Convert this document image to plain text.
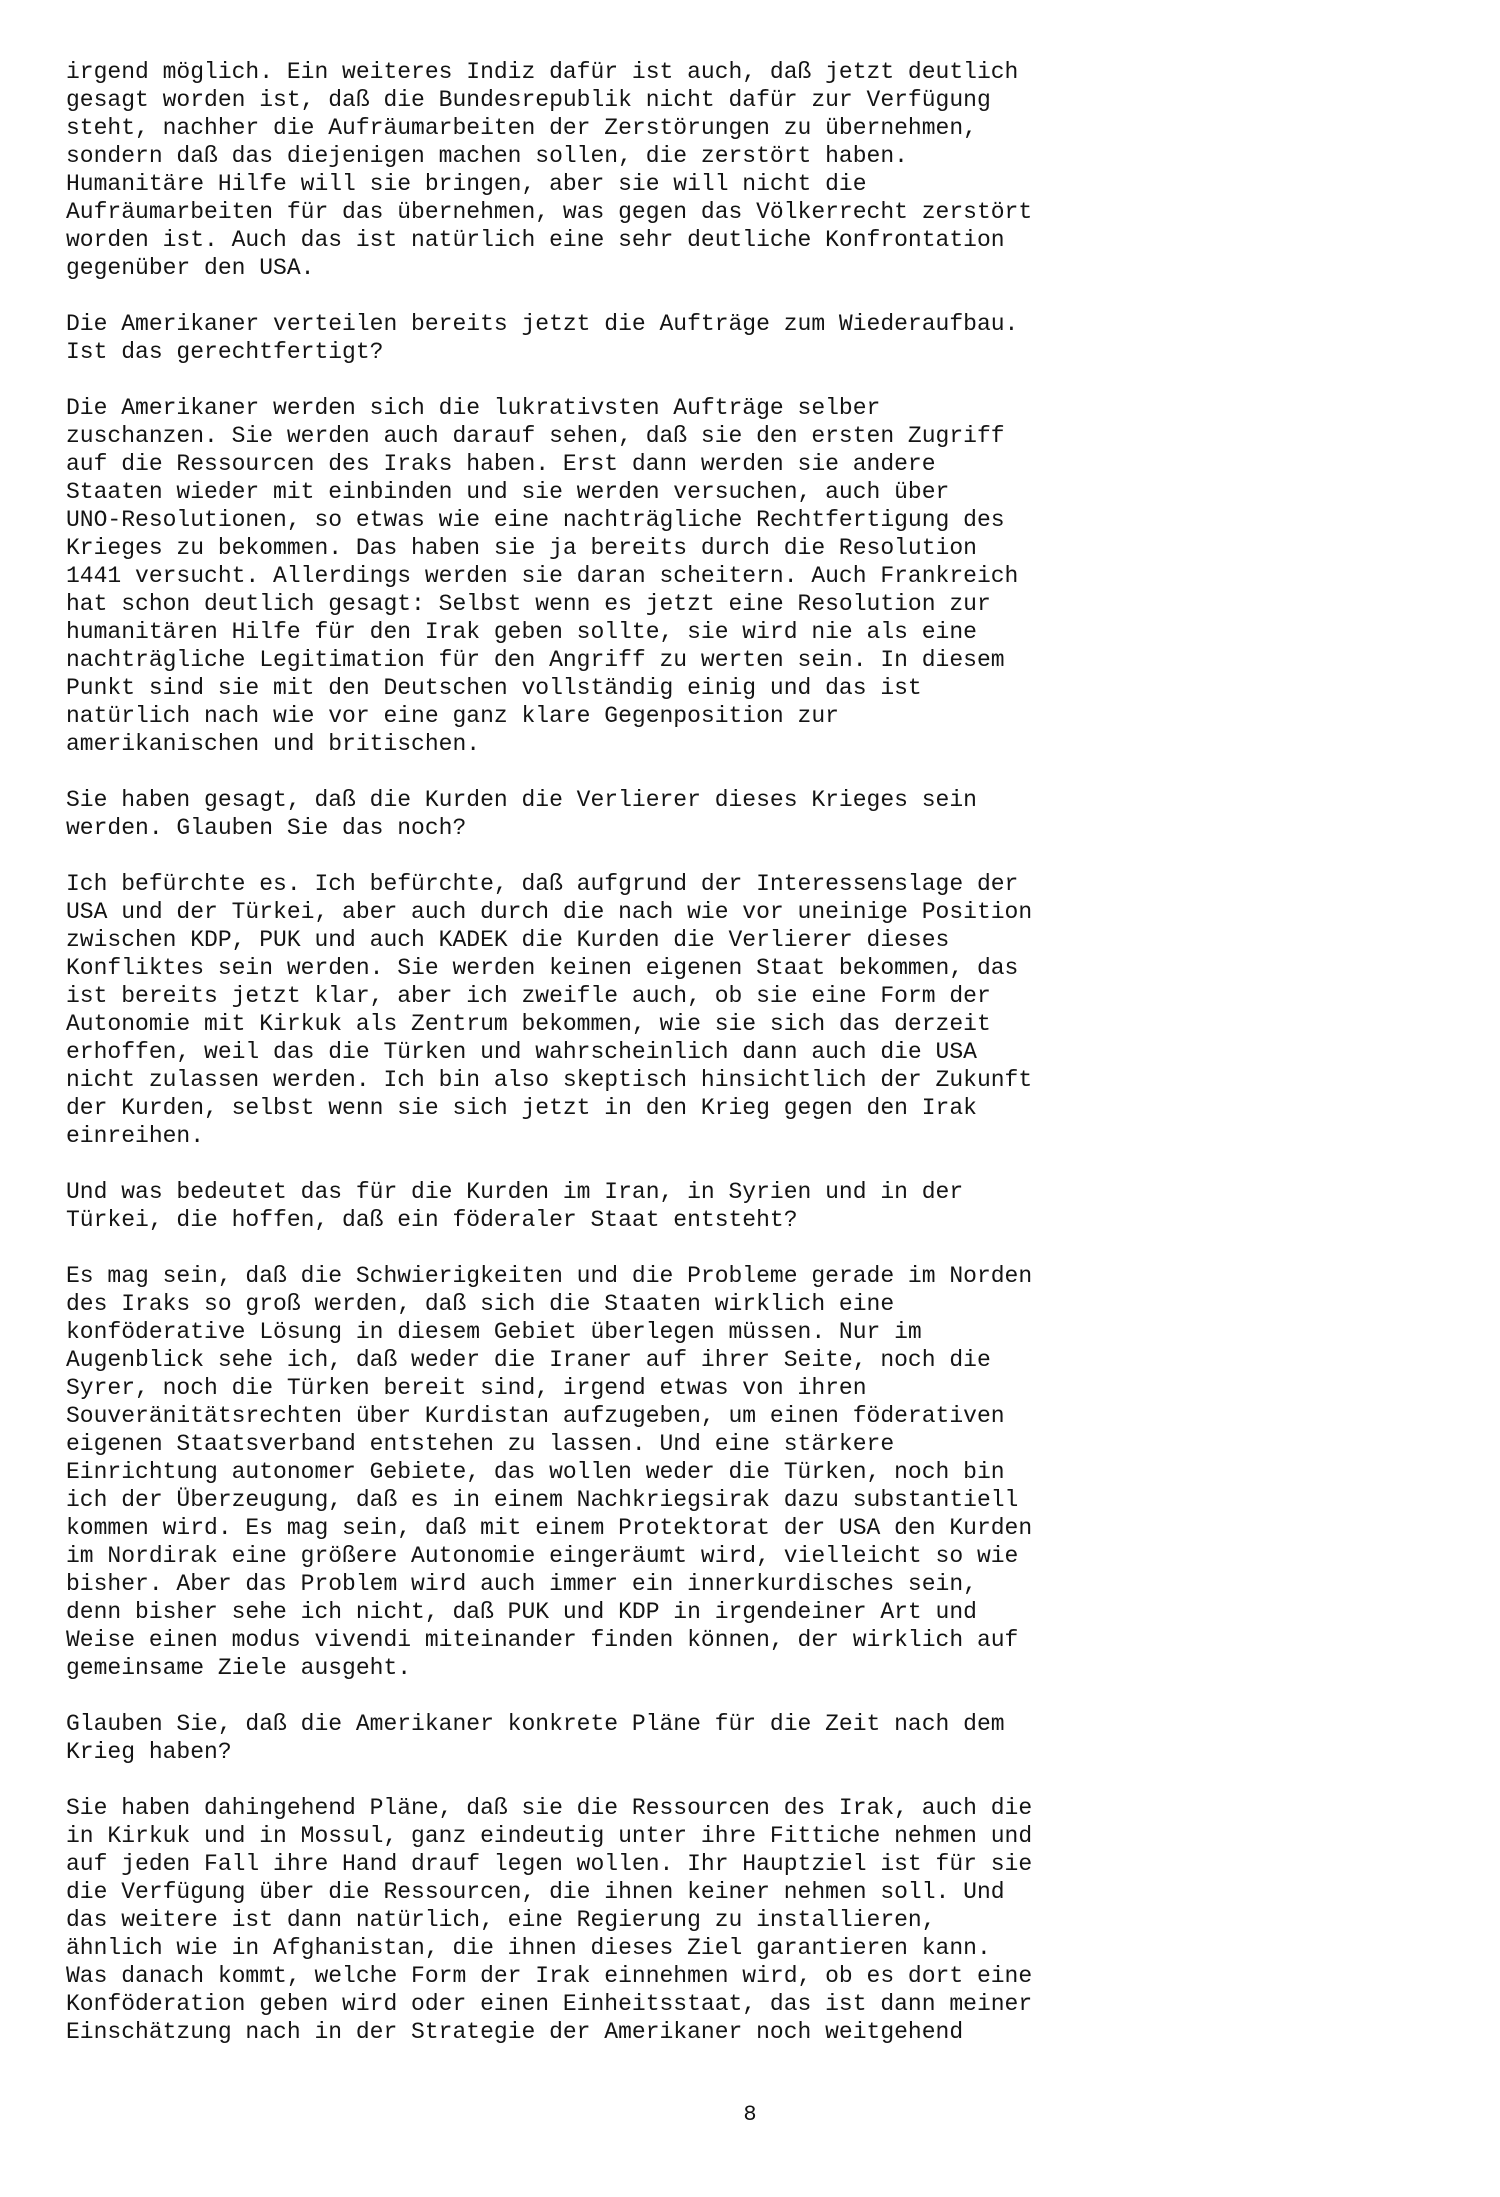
irgend möglich. Ein weiteres Indiz dafür ist auch, daß jetzt deutlich
gesagt worden ist, daß die Bundesrepublik nicht dafür zur Verfügung
steht, nachher die Aufräumarbeiten der Zerstörungen zu übernehmen,
sondern daß das diejenigen machen sollen, die zerstört haben.
Humanitäre Hilfe will sie bringen, aber sie will nicht die
Aufräumarbeiten für das übernehmen, was gegen das Völkerrecht zerstört
worden ist. Auch das ist natürlich eine sehr deutliche Konfrontation
gegenüber den USA.
Die Amerikaner verteilen bereits jetzt die Aufträge zum Wiederaufbau.
Ist das gerechtfertigt?
Die Amerikaner werden sich die lukrativsten Aufträge selber
zuschanzen. Sie werden auch darauf sehen, daß sie den ersten Zugriff
auf die Ressourcen des Iraks haben. Erst dann werden sie andere
Staaten wieder mit einbinden und sie werden versuchen, auch über
UNO-Resolutionen, so etwas wie eine nachträgliche Rechtfertigung des
Krieges zu bekommen. Das haben sie ja bereits durch die Resolution
1441 versucht. Allerdings werden sie daran scheitern. Auch Frankreich
hat schon deutlich gesagt: Selbst wenn es jetzt eine Resolution zur
humanitären Hilfe für den Irak geben sollte, sie wird nie als eine
nachträgliche Legitimation für den Angriff zu werten sein. In diesem
Punkt sind sie mit den Deutschen vollständig einig und das ist
natürlich nach wie vor eine ganz klare Gegenposition zur
amerikanischen und britischen.
Sie haben gesagt, daß die Kurden die Verlierer dieses Krieges sein
werden. Glauben Sie das noch?
Ich befürchte es. Ich befürchte, daß aufgrund der Interessenslage der
USA und der Türkei, aber auch durch die nach wie vor uneinige Position
zwischen KDP, PUK und auch KADEK die Kurden die Verlierer dieses
Konfliktes sein werden. Sie werden keinen eigenen Staat bekommen, das
ist bereits jetzt klar, aber ich zweifle auch, ob sie eine Form der
Autonomie mit Kirkuk als Zentrum bekommen, wie sie sich das derzeit
erhoffen, weil das die Türken und wahrscheinlich dann auch die USA
nicht zulassen werden. Ich bin also skeptisch hinsichtlich der Zukunft
der Kurden, selbst wenn sie sich jetzt in den Krieg gegen den Irak
einreihen.
Und was bedeutet das für die Kurden im Iran, in Syrien und in der
Türkei, die hoffen, daß ein föderaler Staat entsteht?
Es mag sein, daß die Schwierigkeiten und die Probleme gerade im Norden
des Iraks so groß werden, daß sich die Staaten wirklich eine
konföderative Lösung in diesem Gebiet überlegen müssen. Nur im
Augenblick sehe ich, daß weder die Iraner auf ihrer Seite, noch die
Syrer, noch die Türken bereit sind, irgend etwas von ihren
Souveränitätsrechten über Kurdistan aufzugeben, um einen föderativen
eigenen Staatsverband entstehen zu lassen. Und eine stärkere
Einrichtung autonomer Gebiete, das wollen weder die Türken, noch bin
ich der Überzeugung, daß es in einem Nachkriegsirak dazu substantiell
kommen wird. Es mag sein, daß mit einem Protektorat der USA den Kurden
im Nordirak eine größere Autonomie eingeräumt wird, vielleicht so wie
bisher. Aber das Problem wird auch immer ein innerkurdisches sein,
denn bisher sehe ich nicht, daß PUK und KDP in irgendeiner Art und
Weise einen modus vivendi miteinander finden können, der wirklich auf
gemeinsame Ziele ausgeht.
Glauben Sie, daß die Amerikaner konkrete Pläne für die Zeit nach dem
Krieg haben?
Sie haben dahingehend Pläne, daß sie die Ressourcen des Irak, auch die
in Kirkuk und in Mossul, ganz eindeutig unter ihre Fittiche nehmen und
auf jeden Fall ihre Hand drauf legen wollen. Ihr Hauptziel ist für sie
die Verfügung über die Ressourcen, die ihnen keiner nehmen soll. Und
das weitere ist dann natürlich, eine Regierung zu installieren,
ähnlich wie in Afghanistan, die ihnen dieses Ziel garantieren kann.
Was danach kommt, welche Form der Irak einnehmen wird, ob es dort eine
Konföderation geben wird oder einen Einheitsstaat, das ist dann meiner
Einschätzung nach in der Strategie der Amerikaner noch weitgehend
8
